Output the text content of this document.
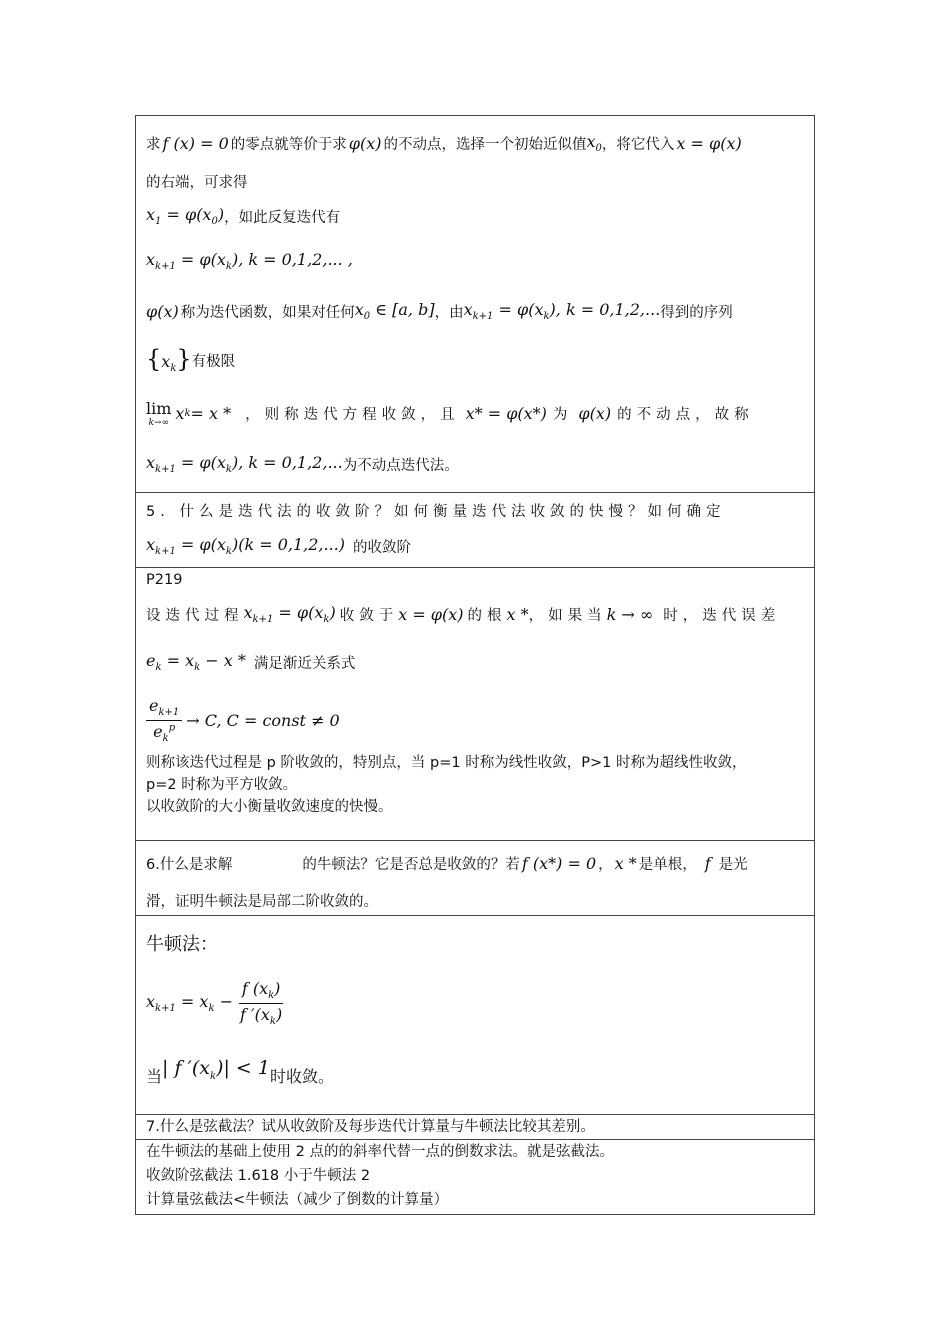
求 f (x) = 0 的零点就等价于求 φ(x) 的不动点，选择一个初始近似值 $x_0$ ，将它代入 x = φ(x)
的右端，可求得
$x_1 = \varphi(x_0)$ ，如此反复迭代有
$x_{k+1} = \varphi(x_k)$, k = 0,1,2,... ,
φ(x) 称为迭代函数，如果对任何 $x_0$ ∈ [a, b] ，由 $x_{k+1} = \varphi(x_k)$, k = 0,1,2,... 得到的序列
$\{x_k\}$ 有极限
lim
k→∞ x k = x * ，则称迭代方程收敛，且 x* = φ(x*) 为 φ(x) 的不动点，故称
$x_{k+1} = \varphi(x_k)$, k = 0,1,2,... 为不动点迭代法。

5. 什么是迭代法的收敛阶？如何衡量迭代法收敛的快慢？如何确定
$x_{k+1} = \varphi(x_k)(k = 0,1,2,...)$ 的收敛阶

P219
设迭代过程 $x_{k+1} = \varphi(x_k)$ 收敛于 x = φ(x) 的根 x * ，如果当 k → ∞ 时，迭代误差
$e_k = x_k - x$ * 满足渐近关系式
$\frac{e_{k+1}}{e_k^p} \to C$, C = const ≠ 0
则称该迭代过程是 p 阶收敛的，特别点，当 p=1 时称为线性收敛，P>1 时称为超线性收敛，
p=2 时称为平方收敛。
以收敛阶的大小衡量收敛速度的快慢。

6.什么是求解	的牛顿法？它是否总是收敛的？若 f (x*) = 0 ， x * 是单根， f 是光
滑，证明牛顿法是局部二阶收敛的。

牛顿法：
$x_{k+1} = x_k - \frac{f (x_k)}{f '(x_k)}$
当 | f $'(x_k)| < 1$ 时收敛。

7.什么是弦截法？试从收敛阶及每步迭代计算量与牛顿法比较其差别。

在牛顿法的基础上使用 2 点的的斜率代替一点的倒数求法。就是弦截法。
收敛阶弦截法 1.618 小于牛顿法 2
计算量弦截法<牛顿法（减少了倒数的计算量）
